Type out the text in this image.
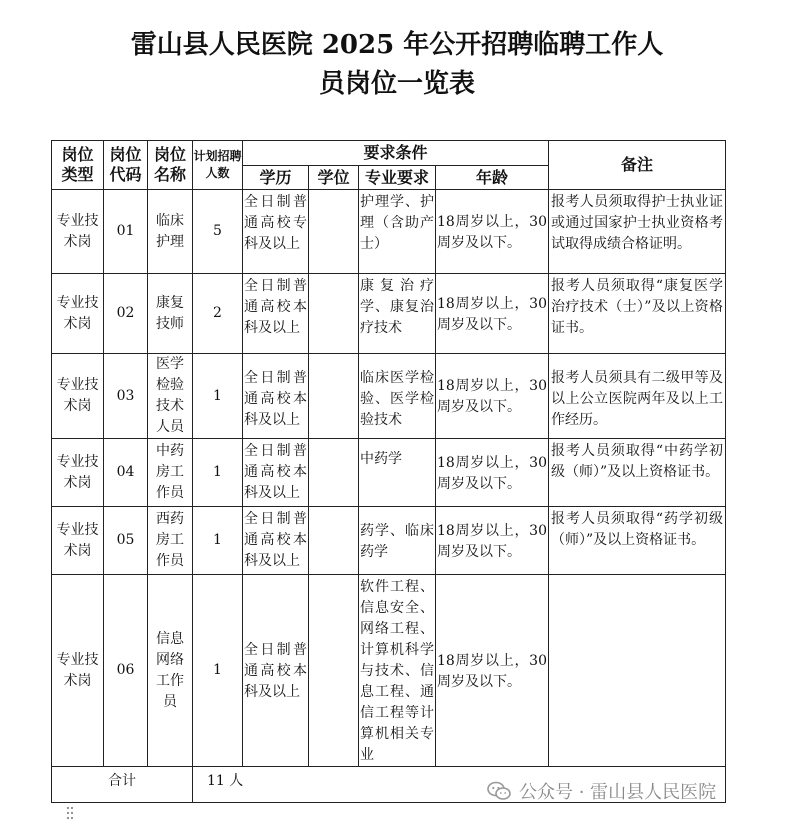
雷山县人民医院 2025 年公开招聘临聘工作人
员岗位一览表
岗位类型	岗位代码	岗位名称	计划招聘人数	要求条件				备注
				学历	学位	专业要求	年龄	

专业技术岗	01	临床护理	5	全日制普通高校专科及以上		护理学、护理（含助产士）	18周岁以上，30周岁及以下。	报考人员须取得护士执业证或通过国家护士执业资格考试取得成绩合格证明。

专业技术岗	02	康复技师	2	全日制普通高校本科及以上		康复治疗学、康复治疗技术	18周岁以上，30周岁及以下。	报考人员须取得“康复医学治疗技术（士）”及以上资格证书。

专业技术岗	03	医学检验技术人员	1	全日制普通高校本科及以上		临床医学检验、医学检验技术	18周岁以上，30周岁及以下。	报考人员须具有二级甲等及以上公立医院两年及以上工作经历。

专业技术岗	04	中药房工作员	1	全日制普通高校本科及以上		中药学	18周岁以上，30周岁及以下。	报考人员须取得“中药学初级（师）”及以上资格证书。

专业技术岗	05	西药房工作员	1	全日制普通高校本科及以上		药学、临床药学	18周岁以上，30周岁及以下。	报考人员须取得“药学初级（师）”及以上资格证书。

专业技术岗	06	信息网络工作员	1	全日制普通高校本科及以上		软件工程、信息安全、网络工程、计算机科学与技术、信息工程、通信工程等计算机相关专业	18周岁以上，30周岁及以下。	

合计			11 人					
公众号 · 雷山县人民医院
